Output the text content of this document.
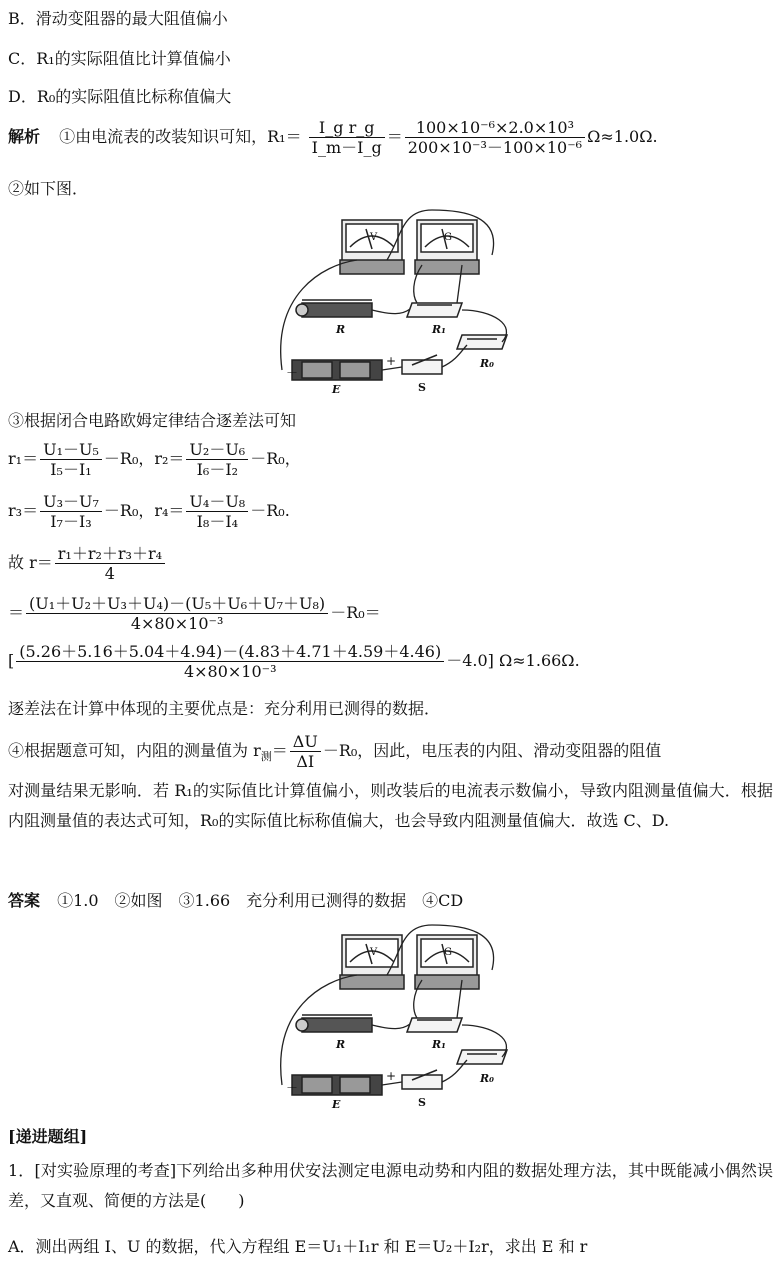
B．滑动变阻器的最大阻值偏小
C．R₁的实际阻值比计算值偏小
D．R₀的实际阻值比标称值偏大
解析 ①由电流表的改装知识可知，$R_1= \frac{\text{I\_g r\_g}}{I\_m-I\_g} = \frac{\text{100×10⁻⁶×2.0×10³}}{\text{200×10⁻³－100×10⁻⁶}} \Omega\approx 1.0\Omega$.
②如下图．
V	G
R	R₁
R₀
－
+
E	S
③根据闭合电路欧姆定律结合逐差法可知
$r_1= \frac{\text{U₁－U₅}}{\text{I₅－I₁}} -R_0$，$r_2= \frac{\text{U₂－U₆}}{\text{I₆－I₂}} -R_0$，
$r_3= \frac{\text{U₃－U₇}}{\text{I₇－I₃}} -R_0$，$r_4= \frac{\text{U₄－U₈}}{\text{I₈－I₄}} -R_0$.
故 $r= \frac{\text{r₁＋r₂＋r₃＋r₄}}{4}$
＝ $\frac{\text{(U₁＋U₂＋U₃＋U₄)－(U₅＋U₆＋U₇＋U₈)}}{\text{4×80×10⁻³}} -R_0=$
[ $\frac{(5.26+5.16+5.04+4.94)-(4.83+4.71+4.59+4.46)}{\text{4×80×10⁻³}} -4.0$] Ω≈1.66Ω.
逐差法在计算中体现的主要优点是：充分利用已测得的数据．
④根据题意可知，内阻的测量值为 $r_测= \frac{\Delta U}{\Delta I} -R_0$，因此，电压表的内阻、滑动变阻器的阻值
对测量结果无影响．若 R₁的实际值比计算值偏小，则改装后的电流表示数偏小，导致内阻测量值偏大．根据内阻测量值的表达式可知，R₀的实际值比标称值偏大，也会导致内阻测量值偏大．故选 C、D.
答案 ①1.0　②如图　③1.66　充分利用已测得的数据　④CD
V	G
R	R₁
R₀
－
+
E	S
[递进题组]
1．[对实验原理的考查]下列给出多种用伏安法测定电源电动势和内阻的数据处理方法，其中既能减小偶然误差，又直观、简便的方法是(　　)
A．测出两组 I、U 的数据，代入方程组 E＝U₁＋I₁r 和 E＝U₂＋I₂r，求出 E 和 r
